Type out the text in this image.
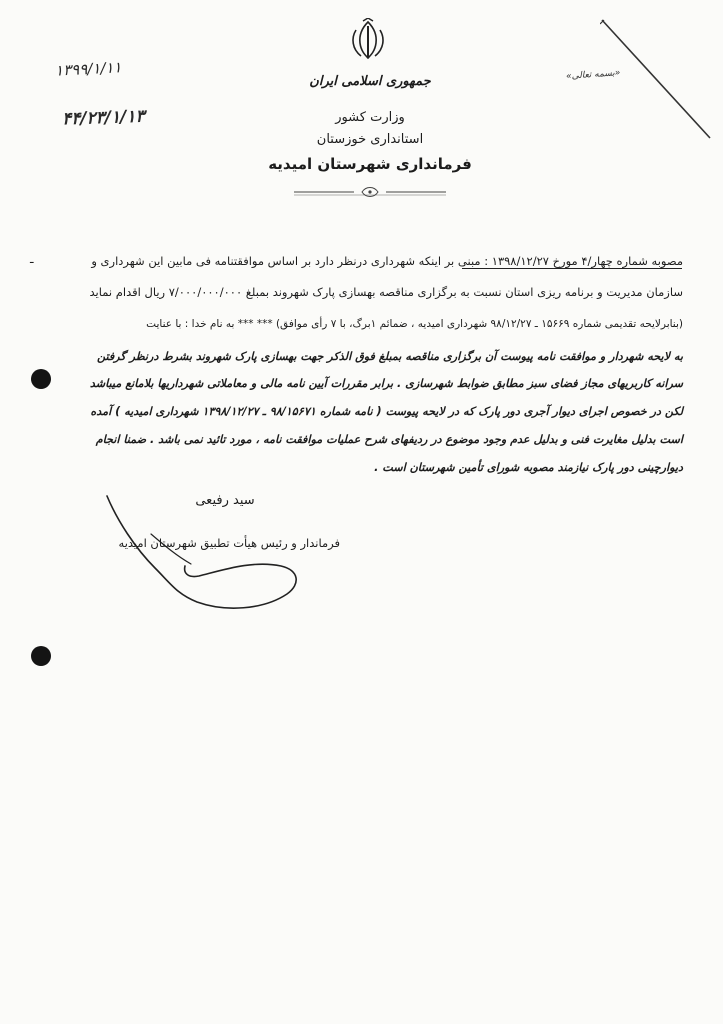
۱۳۹۹/۱/۱۱
۴۴/۲۳/۱/۱۳
«بسمه تعالی»
جمهوری اسلامی ایران
وزارت کشور
استانداری خوزستان
فرمانداری شهرستان امیدیه
ـ	مصوبه شماره چهار/۴ مورخ ۱۳۹۸/۱۲/۲۷ : مبنی بر اینکه شهرداری درنظر دارد بر اساس موافقتنامه فی مابین این شهرداری و
سازمان مدیریت و برنامه ریزی استان نسبت به برگزاری مناقصه بهسازی پارک شهروند بمبلغ ۷/۰۰۰/۰۰۰/۰۰۰ ریال اقدام نماید
(بنابرلایحه تقدیمی شماره ۱۵۶۶۹ ـ ۹۸/۱۲/۲۷ شهرداری امیدیه ، ضمائم ۱برگ، با ۷ رأی موافق) *** *** به نام خدا : با عنایت
به لایحه شهردار و موافقت نامه پیوست آن برگزاری مناقصه بمبلغ فوق الذکر جهت بهسازی پارک شهروند بشرط درنظر گرفتن
سرانه کاربریهای مجاز فضای سبز مطابق ضوابط شهرسازی . برابر مقررات آیین نامه مالی و معاملاتی شهرداریها بلامانع میباشد
لکن در خصوص اجرای دیوار آجری دور پارک که در لایحه پیوست ( نامه شماره ۹۸/۱۵۶۷۱ ـ ۱۳۹۸/۱۲/۲۷ شهرداری امیدیه ) آمده
است بدلیل مغایرت فنی و بدلیل عدم وجود موضوع در ردیفهای شرح عملیات موافقت نامه ، مورد تائید نمی باشد . ضمنا انجام
دیوارچینی دور پارک نیازمند مصوبه شورای تأمین شهرستان است .
سید رفیعی
فرماندار و رئیس هیأت تطبیق شهرستان امیدیه
